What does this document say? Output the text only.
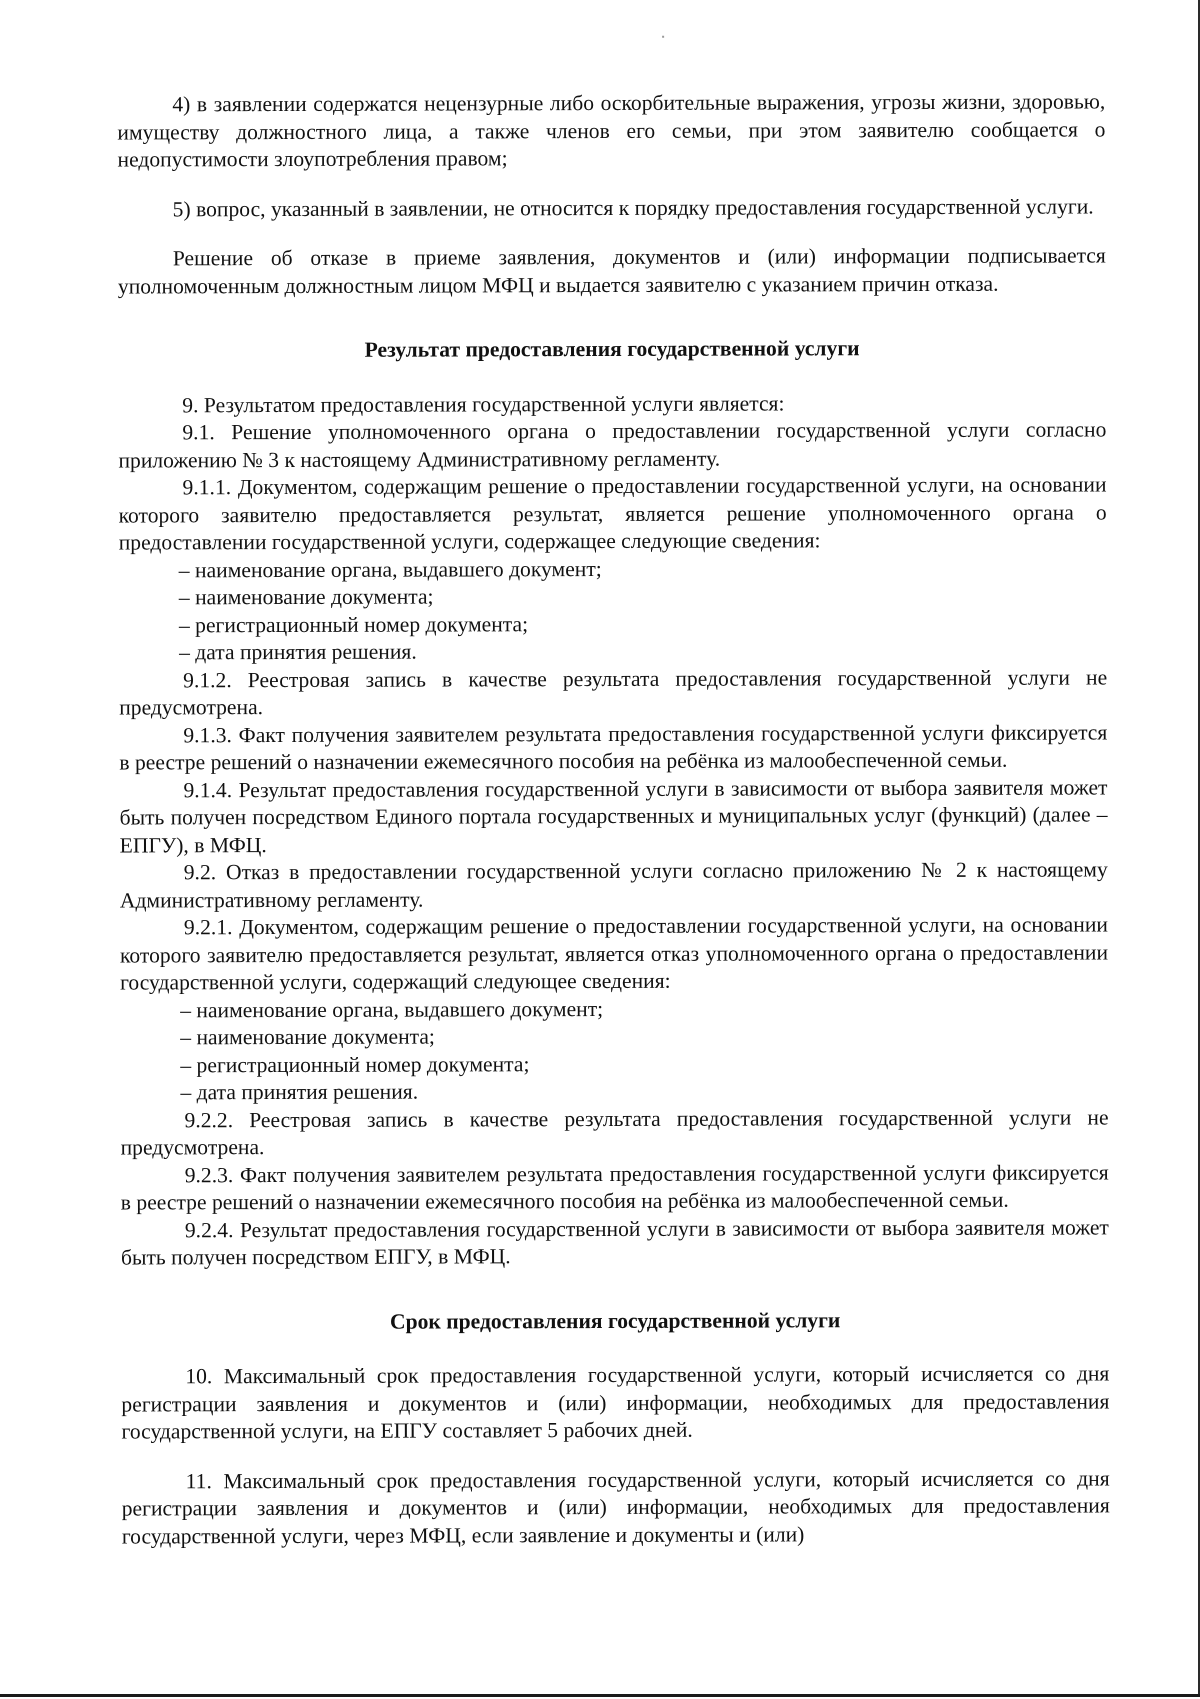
4) в заявлении содержатся нецензурные либо оскорбительные выражения, угрозы жизни, здоровью, имуществу должностного лица, а также членов его семьи, при этом заявителю сообщается о недопустимости злоупотребления правом;

5) вопрос, указанный в заявлении, не относится к порядку предоставления государственной услуги.

Решение об отказе в приеме заявления, документов и (или) информации подписывается уполномоченным должностным лицом МФЦ и выдается заявителю с указанием причин отказа.

Результат предоставления государственной услуги

9. Результатом предоставления государственной услуги является:

9.1. Решение уполномоченного органа о предоставлении государственной услуги согласно приложению № 3 к настоящему Административному регламенту.

9.1.1. Документом, содержащим решение о предоставлении государственной услуги, на основании которого заявителю предоставляется результат, является решение уполномоченного органа о предоставлении государственной услуги, содержащее следующие сведения:

– наименование органа, выдавшего документ;

– наименование документа;

– регистрационный номер документа;

– дата принятия решения.

9.1.2. Реестровая запись в качестве результата предоставления государственной услуги не предусмотрена.

9.1.3. Факт получения заявителем результата предоставления государственной услуги фиксируется в реестре решений о назначении ежемесячного пособия на ребёнка из малообеспеченной семьи.

9.1.4. Результат предоставления государственной услуги в зависимости от выбора заявителя может быть получен посредством Единого портала государственных и муниципальных услуг (функций) (далее – ЕПГУ), в МФЦ.

9.2. Отказ в предоставлении государственной услуги согласно приложению № 2 к настоящему Административному регламенту.

9.2.1. Документом, содержащим решение о предоставлении государственной услуги, на основании которого заявителю предоставляется результат, является отказ уполномоченного органа о предоставлении государственной услуги, содержащий следующее сведения:

– наименование органа, выдавшего документ;

– наименование документа;

– регистрационный номер документа;

– дата принятия решения.

9.2.2. Реестровая запись в качестве результата предоставления государственной услуги не предусмотрена.

9.2.3. Факт получения заявителем результата предоставления государственной услуги фиксируется в реестре решений о назначении ежемесячного пособия на ребёнка из малообеспеченной семьи.

9.2.4. Результат предоставления государственной услуги в зависимости от выбора заявителя может быть получен посредством ЕПГУ, в МФЦ.

Срок предоставления государственной услуги

10. Максимальный срок предоставления государственной услуги, который исчисляется со дня регистрации заявления и документов и (или) информации, необходимых для предоставления государственной услуги, на ЕПГУ составляет 5 рабочих дней.

11. Максимальный срок предоставления государственной услуги, который исчисляется со дня регистрации заявления и документов и (или) информации, необходимых для предоставления государственной услуги, через МФЦ, если заявление и документы и (или)
